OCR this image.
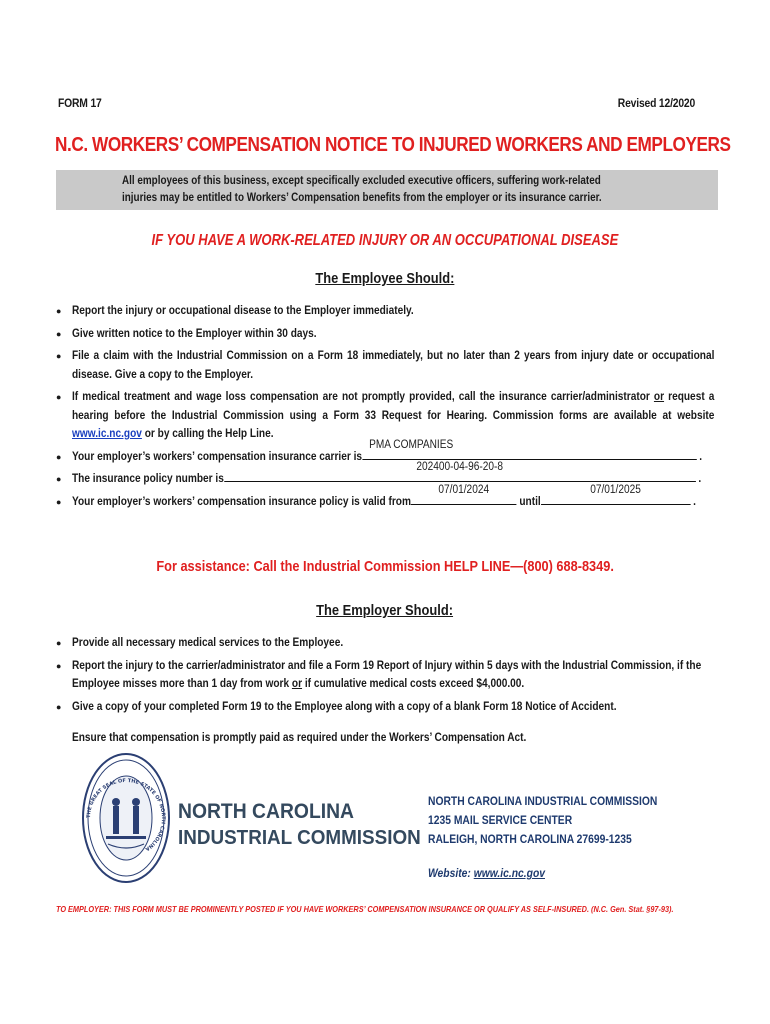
FORM 17	Revised 12/2020
N.C. WORKERS’ COMPENSATION NOTICE TO INJURED WORKERS AND EMPLOYERS

All employees of this business, except specifically excluded executive officers, suffering work-related
injuries may be entitled to Workers’ Compensation benefits from the employer or its insurance carrier.

IF YOU HAVE A WORK-RELATED INJURY OR AN OCCUPATIONAL DISEASE
The Employee Should:
● Report the injury or occupational disease to the Employer immediately.
● Give written notice to the Employer within 30 days.
● File a claim with the Industrial Commission on a Form 18 immediately, but no later than 2 years from injury date or occupational disease. Give a copy to the Employer.
● If medical treatment and wage loss compensation are not promptly provided, call the insurance carrier/administrator or request a hearing before the Industrial Commission using a Form 33 Request for Hearing. Commission forms are available at website www.ic.nc.gov or by calling the Help Line.
● Your employer’s workers’ compensation insurance carrier is
PMA COMPANIES
.
● The insurance policy number is
202400-04-96-20-8
.
● Your employer’s workers’ compensation insurance policy is valid from
07/01/2024
until
07/01/2025
.
For assistance: Call the Industrial Commission HELP LINE—(800) 688-8349.
The Employer Should:
● Provide all necessary medical services to the Employee.
● Report the injury to the carrier/administrator and file a Form 19 Report of Injury within 5 days with the Industrial Commission, if the Employee misses more than 1 day from work or if cumulative medical costs exceed $4,000.00.
● Give a copy of your completed Form 19 to the Employee along with a copy of a blank Form 18 Notice of Accident.
Ensure that compensation is promptly paid as required under the Workers’ Compensation Act.
THE GREAT SEAL OF THE STATE OF NORTH CAROLINA
NORTH CAROLINA
INDUSTRIAL COMMISSION
NORTH CAROLINA INDUSTRIAL COMMISSION
1235 MAIL SERVICE CENTER
RALEIGH, NORTH CAROLINA 27699-1235
Website: www.ic.nc.gov
TO EMPLOYER: THIS FORM MUST BE PROMINENTLY POSTED IF YOU HAVE WORKERS’ COMPENSATION INSURANCE OR QUALIFY AS SELF-INSURED. (N.C. Gen. Stat. §97-93).
